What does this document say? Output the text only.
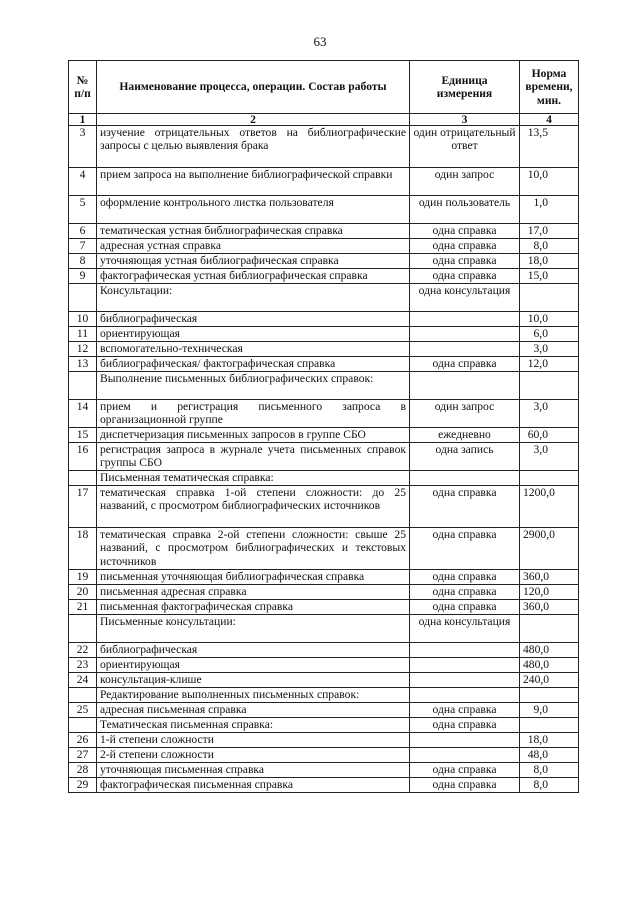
63
№ п/п	Наименование процесса, операции. Состав работы	Единица измерения	Норма времени, мин.
1	2	3	4
3	изучение отрицательных ответов на библиографические запросы с целью выявления брака	один отрицательный ответ	13,5
4	прием запроса на выполнение библиографической справки	один запрос	10,0
5	оформление контрольного листка пользователя	один пользователь	1,0
6	тематическая устная библиографическая справка	одна справка	17,0
7	адресная устная справка	одна справка	8,0
8	уточняющая устная библиографическая справка	одна справка	18,0
9	фактографическая устная библиографическая справка	одна справка	15,0
	Консультации:	одна консультация	
10	библиографическая		10,0
11	ориентирующая		6,0
12	вспомогательно-техническая		3,0
13	библиографическая/ фактографическая справка	одна справка	12,0
	Выполнение письменных библиографических справок:		
14	прием и регистрация письменного запроса в организационной группе	один запрос	3,0
15	диспетчеризация письменных запросов в группе СБО	ежедневно	60,0
16	регистрация запроса в журнале учета письменных справок группы СБО	одна запись	3,0
	Письменная тематическая справка:		
17	тематическая справка 1-ой степени сложности: до 25 названий, с просмотром библиографических источников	одна справка	1200,0
18	тематическая справка 2-ой степени сложности: свыше 25 названий, с просмотром библиографических и текстовых источников	одна справка	2900,0
19	письменная уточняющая библиографическая справка	одна справка	360,0
20	письменная адресная справка	одна справка	120,0
21	письменная фактографическая справка	одна справка	360,0
	Письменные консультации:	одна консультация	
22	библиографическая		480,0
23	ориентирующая		480,0
24	консультация-клише		240,0
	Редактирование выполненных письменных справок:		
25	адресная письменная справка	одна справка	9,0
	Тематическая письменная справка:	одна справка	
26	1-й степени сложности		18,0
27	2-й степени сложности		48,0
28	уточняющая письменная справка	одна справка	8,0
29	фактографическая письменная справка	одна справка	8,0
